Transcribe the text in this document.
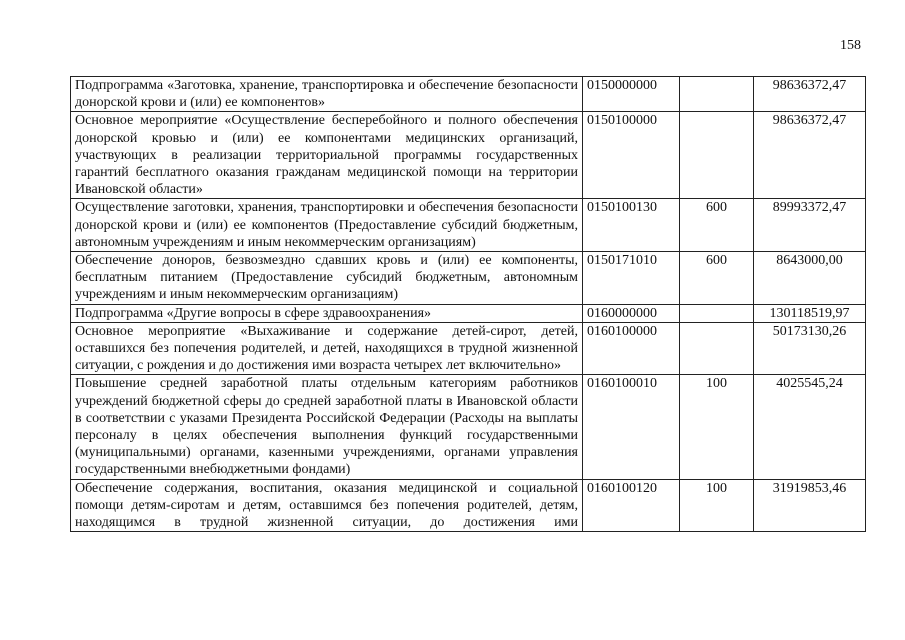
158
Подпрограмма «Заготовка, хранение, транспортировка и обеспечение безопасности донорской крови и (или) ее компонентов»	0150000000		98636372,47
Основное мероприятие «Осуществление бесперебойного и полного обеспечения донорской кровью и (или) ее компонентами медицинских организаций, участвующих в реализации территориальной программы государственных гарантий бесплатного оказания гражданам медицинской помощи на территории Ивановской области»	0150100000		98636372,47
Осуществление заготовки, хранения, транспортировки и обеспечения безопасности донорской крови и (или) ее компонентов (Предоставление субсидий бюджетным, автономным учреждениям и иным некоммерческим организациям)	0150100130	600	89993372,47
Обеспечение доноров, безвозмездно сдавших кровь и (или) ее компоненты, бесплатным питанием (Предоставление субсидий бюджетным, автономным учреждениям и иным некоммерческим организациям)	0150171010	600	8643000,00
Подпрограмма «Другие вопросы в сфере здравоохранения»	0160000000		130118519,97
Основное мероприятие «Выхаживание и содержание детей-сирот, детей, оставшихся без попечения родителей, и детей, находящихся в трудной жизненной ситуации, с рождения и до достижения ими возраста четырех лет включительно»	0160100000		50173130,26
Повышение средней заработной платы отдельным категориям работников учреждений бюджетной сферы до средней заработной платы в Ивановской области в соответствии с указами Президента Российской Федерации (Расходы на выплаты персоналу в целях обеспечения выполнения функций государственными (муниципальными) органами, казенными учреждениями, органами управления государственными внебюджетными фондами)	0160100010	100	4025545,24
Обеспечение содержания, воспитания, оказания медицинской и социальной помощи детям-сиротам и детям, оставшимся без попечения родителей, детям, находящимся в трудной жизненной ситуации, до достижения ими	0160100120	100	31919853,46
